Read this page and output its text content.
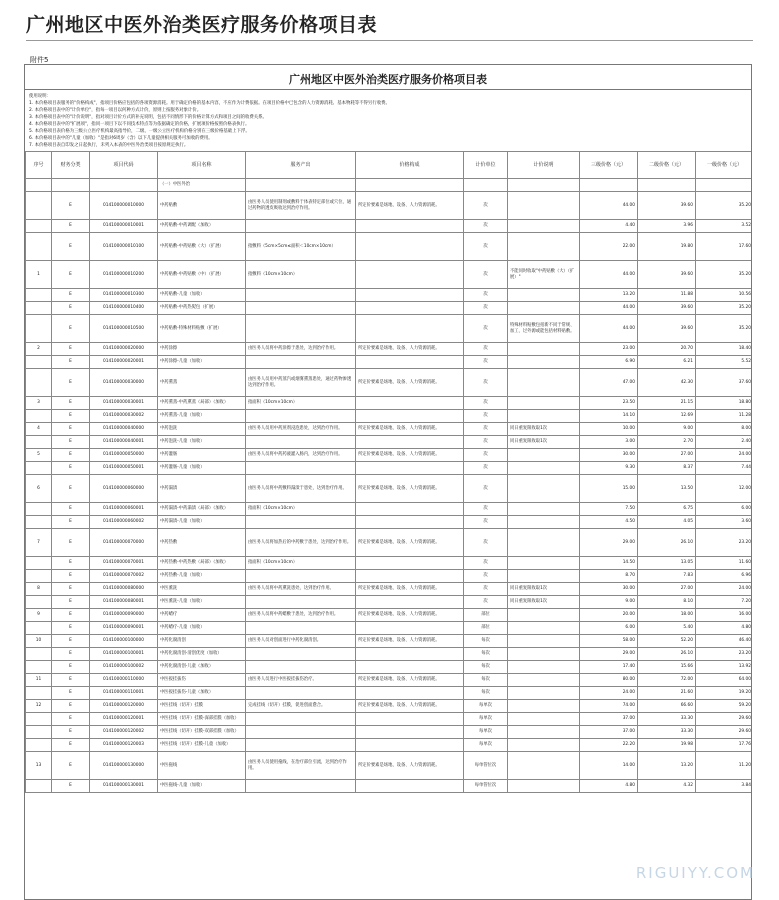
广州地区中医外治类医疗服务价格项目表
附件5
广州地区中医外治类医疗服务价格项目表
使用说明：
1. 本价格项目表服务的"价格构成"，指项目价格应包括的各项资源消耗。用于确定价格的基本内容，不应作为计费依据。在项目价格中已包含的人力资源消耗、基本物耗等不得另行收费。
2. 本价格项目表中的"计价单位"，指每一项目以何种方式计价，原则上按服务对象计价。
3. 本价格项目表中的"计价说明"，指对项目计价方式的补充说明，包括不同情形下的价格计算方式和项目之间的收费关系。
4. 本价格项目表中的"扩展项"，指同一项目下以不同技术特点等为依据确定的价格，扩展项价格按照价格表执行。
5. 本价格项目表价格为三级公立医疗机构最高指导价，二级、一级公立医疗机构价格分别在三级价格基础上下浮。
6. 本价格项目表中的"儿童（加收）"是指对6周岁（含）以下儿童提供相关服务可加收的费用。
7. 本价格项目表自印发之日起执行，未列入本表的中医外治类项目按原规定执行。
序号	财务分类	项目代码	项目名称	服务产出	价格构成	计价单位	计价说明	三级价格（元）	二级价格（元）	一级价格（元）
			（一）中医外治							
	E	014100000010000	中药贴敷	由医务人员使用制剂或敷料于体表特定部位或穴位，通过药物的透皮吸收达到治疗作用。	所定价要素是场地、设备、人力资源消耗。	次		44.00	39.60	35.20
	E	014100000010001	中药贴敷-中药调配（加收）			次		4.40	3.96	3.52
	E	014100000010100	中药贴敷-中药贴敷（大）（扩展）	指敷料（5cm×5cm≤面积＜10cm×10cm）		次		22.00	19.80	17.60
1	E	014100000010200	中药贴敷-中药贴敷（中）（扩展）	指敷料（10cm×10cm）		次	不能同时收取"中药贴敷（大）（扩展）"	44.00	39.60	35.20
	E	014100000010300	中药贴敷-儿童（加收）			次		13.20	11.88	10.56
	E	014100000010400	中药贴敷-中药热熨包（扩展）			次		44.00	39.60	35.20
	E	014100000010500	中药贴敷-特殊材料贴敷（扩展）			次	特殊材料贴敷包括新不同于常规、加工、过外源或能包括材料贴敷。	44.00	39.60	35.20
2	E	014100000020000	中药涂擦	由医务人员将中药涂擦于患处，达到治疗作用。	所定价要素是场地、设备、人力资源消耗。	次		23.00	20.70	18.40
	E	014100000020001	中药涂擦-儿童（加收）			次		6.90	6.21	5.52
	E	014100000030000	中药熏蒸	由医务人员用中药蒸汽或烟雾熏蒸患处，通过药物渗透达到治疗作用。	所定价要素是场地、设备、人力资源消耗。	次		47.00	42.30	37.60
3	E	014100000030001	中药熏蒸-中药熏蒸（局部）（加收）	指面积（10cm×10cm）		次		23.50	21.15	18.80
	E	014100000030002	中药熏蒸-儿童（加收）			次		14.10	12.69	11.28
4	E	014100000040000	中药泡洗	由医务人员用中药煎剂浸泡患处，达到治疗作用。	所定价要素是场地、设备、人力资源消耗。	次	同日重复限收取1次	10.00	9.00	8.00
	E	014100000040001	中药泡洗-儿童（加收）			次	同日重复限收取1次	3.00	2.70	2.40
5	E	014100000050000	中药灌肠	由医务人员将中药药液灌入肠内，达到治疗作用。	所定价要素是场地、设备、人力资源消耗。	次		30.00	27.00	24.00
	E	014100000050001	中药灌肠-儿童（加收）			次		9.30	8.37	7.44
6	E	014100000060000	中药溻渍	由医务人员将中药敷料溻渍于患处，达到治疗作用。	所定价要素是场地、设备、人力资源消耗。	次		15.00	13.50	12.00
	E	014100000060001	中药溻渍-中药溻渍（局部）（加收）	指面积（10cm×10cm）		次		7.50	6.75	6.00
	E	014100000060002	中药溻渍-儿童（加收）			次		4.50	4.05	3.60
7	E	014100000070000	中药热敷	由医务人员将加热后的中药敷于患处，达到治疗作用。	所定价要素是场地、设备、人力资源消耗。	次		29.00	26.10	23.20
	E	014100000070001	中药热敷-中药热敷（局部）（加收）	指面积（10cm×10cm）		次		14.50	13.05	11.60
	E	014100000070002	中药热敷-儿童（加收）			次		8.70	7.83	6.96
8	E	014100000080000	中医薰洗	由医务人员将中药熏洗患处，达到治疗作用。	所定价要素是场地、设备、人力资源消耗。	次	同日重复限收取1次	30.00	27.00	24.00
	E	014100000080001	中医薰洗-儿童（加收）			次	同日重复限收取1次	9.00	8.10	7.20
9	E	014100000090000	中药蜡疗	由医务人员将中药蜡敷于患处，达到治疗作用。	所定价要素是场地、设备、人力资源消耗。	部位		20.00	18.00	16.00
	E	014100000090001	中药蜡疗-儿童（加收）			部位		6.00	5.40	4.80
10	E	014100000100000	中药化腐清创	由医务人员对创面进行中药化腐清创。	所定价要素是场地、设备、人力资源消耗。	每次		58.00	52.20	46.40
	E	014100000100001	中药化腐清创-清创优度（加收）			每次		29.00	26.10	23.20
	E	014100000100002	中药化腐清创-儿童（加收）			每次		17.40	15.66	13.92
11	E	014100000110000	中医扳挂拔伤	由医务人员进行中医扳挂拔伤治疗。	所定价要素是场地、设备、人力资源消耗。	每次		80.00	72.00	64.00
	E	014100000110001	中医扳挂拔伤-儿童（加收）			每次		24.00	21.60	19.20
12	E	014100000120000	中医挂线（切开）挂膜	完成挂线（切开）挂膜，促进创面愈合。	所定价要素是场地、设备、人力资源消耗。	每单次		74.00	66.60	59.20
	E	014100000120001	中医挂线（切开）挂膜-深部挂膜（加收）			每单次		37.00	33.30	29.60
	E	014100000120002	中医挂线（切开）挂膜-双部挂膜（加收）			每单次		37.00	33.30	29.60
	E	014100000120003	中医挂线（切开）挂膜-儿童（加收）			每单次		22.20	19.98	17.76
13	E	014100000130000	中医拖线	由医务人员使用拖线，在治疗部位引流，达到治疗作用。	所定价要素是场地、设备、人力资源消耗。	每单管位次		14.00	13.20	11.20
	E	014100000130001	中医拖线-儿童（加收）			每单管位次		4.80	4.32	3.84
RIGUIYY.COM
